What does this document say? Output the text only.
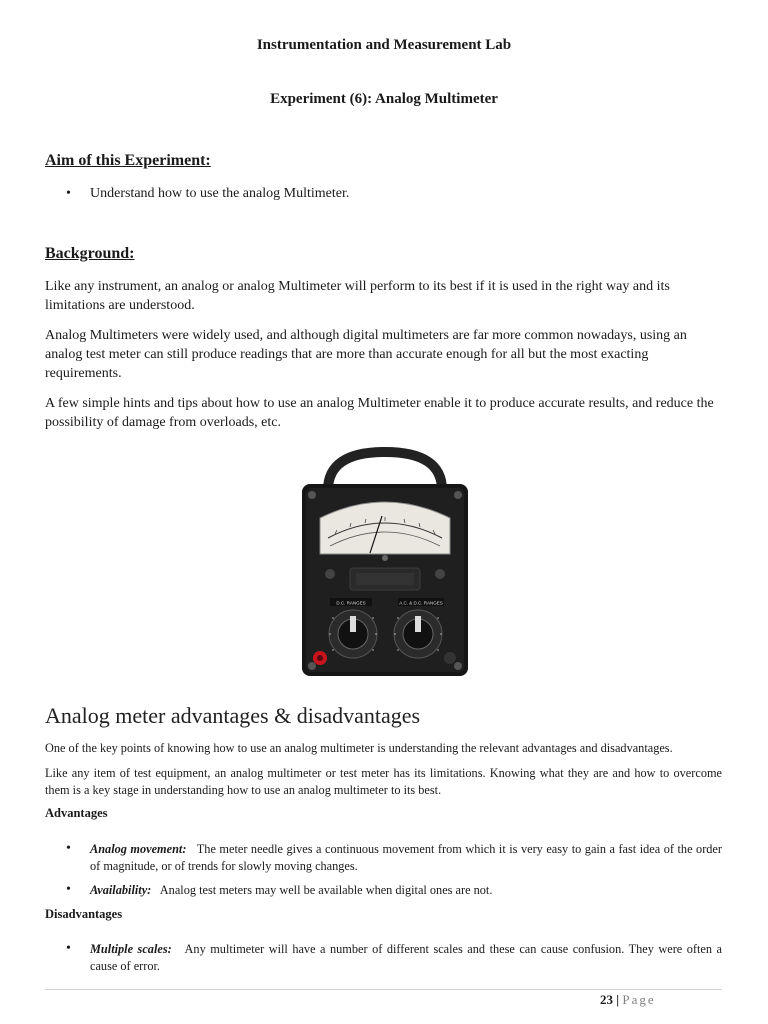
Instrumentation and Measurement Lab
Experiment (6): Analog Multimeter
Aim of this Experiment:
• Understand how to use the analog Multimeter.
Background:
Like any instrument, an analog or analog Multimeter will perform to its best if it is used in the right way and its limitations are understood.
Analog Multimeters were widely used, and although digital multimeters are far more common nowadays, using an analog test meter can still produce readings that are more than accurate enough for all but the most exacting requirements.
A few simple hints and tips about how to use an analog Multimeter enable it to produce accurate results, and reduce the possibility of damage from overloads, etc.
D.C. RANGES	A.C. & D.C. RANGES
Analog meter advantages & disadvantages
One of the key points of knowing how to use an analog multimeter is understanding the relevant advantages and disadvantages.
Like any item of test equipment, an analog multimeter or test meter has its limitations. Knowing what they are and how to overcome them is a key stage in understanding how to use an analog multimeter to its best.
Advantages
• Analog movement: The meter needle gives a continuous movement from which it is very easy to gain a fast idea of the order of magnitude, or of trends for slowly moving changes.
• Availability: Analog test meters may well be available when digital ones are not.
Disadvantages
• Multiple scales: Any multimeter will have a number of different scales and these can cause confusion. They were often a cause of error.
23 | Page
